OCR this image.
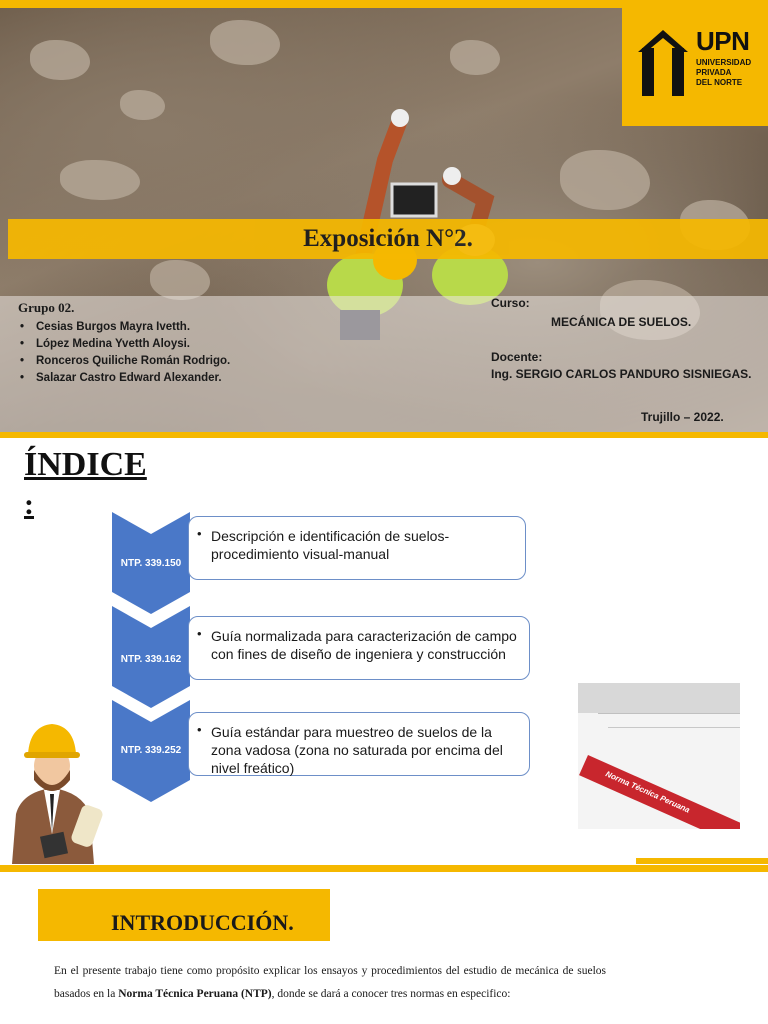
UPN
UNIVERSIDAD
PRIVADA
DEL NORTE
Exposición N°2.
Grupo 02.
• Cesias Burgos Mayra Ivetth.
• López Medina Yvetth Aloysi.
• Ronceros Quiliche Román Rodrigo.
• Salazar Castro Edward Alexander.
Curso:
MECÁNICA DE SUELOS.
Docente:
Ing. SERGIO CARLOS PANDURO SISNIEGAS.
Trujillo – 2022.
ÍNDICE
:
NTP. 339.150
NTP. 339.162
NTP. 339.252
• Descripción e identificación de suelos-procedimiento visual-manual
• Guía normalizada para caracterización de campo con fines de diseño de ingeniera y construcción
• Guía estándar para muestreo de suelos de la zona vadosa (zona no saturada por encima del nivel freático)
Norma Técnica Peruana
INTRODUCCIÓN.
En el presente trabajo tiene como propósito explicar los ensayos y procedimientos del estudio de mecánica de suelos basados en la Norma Técnica Peruana (NTP), donde se dará a conocer tres normas en especifico:
